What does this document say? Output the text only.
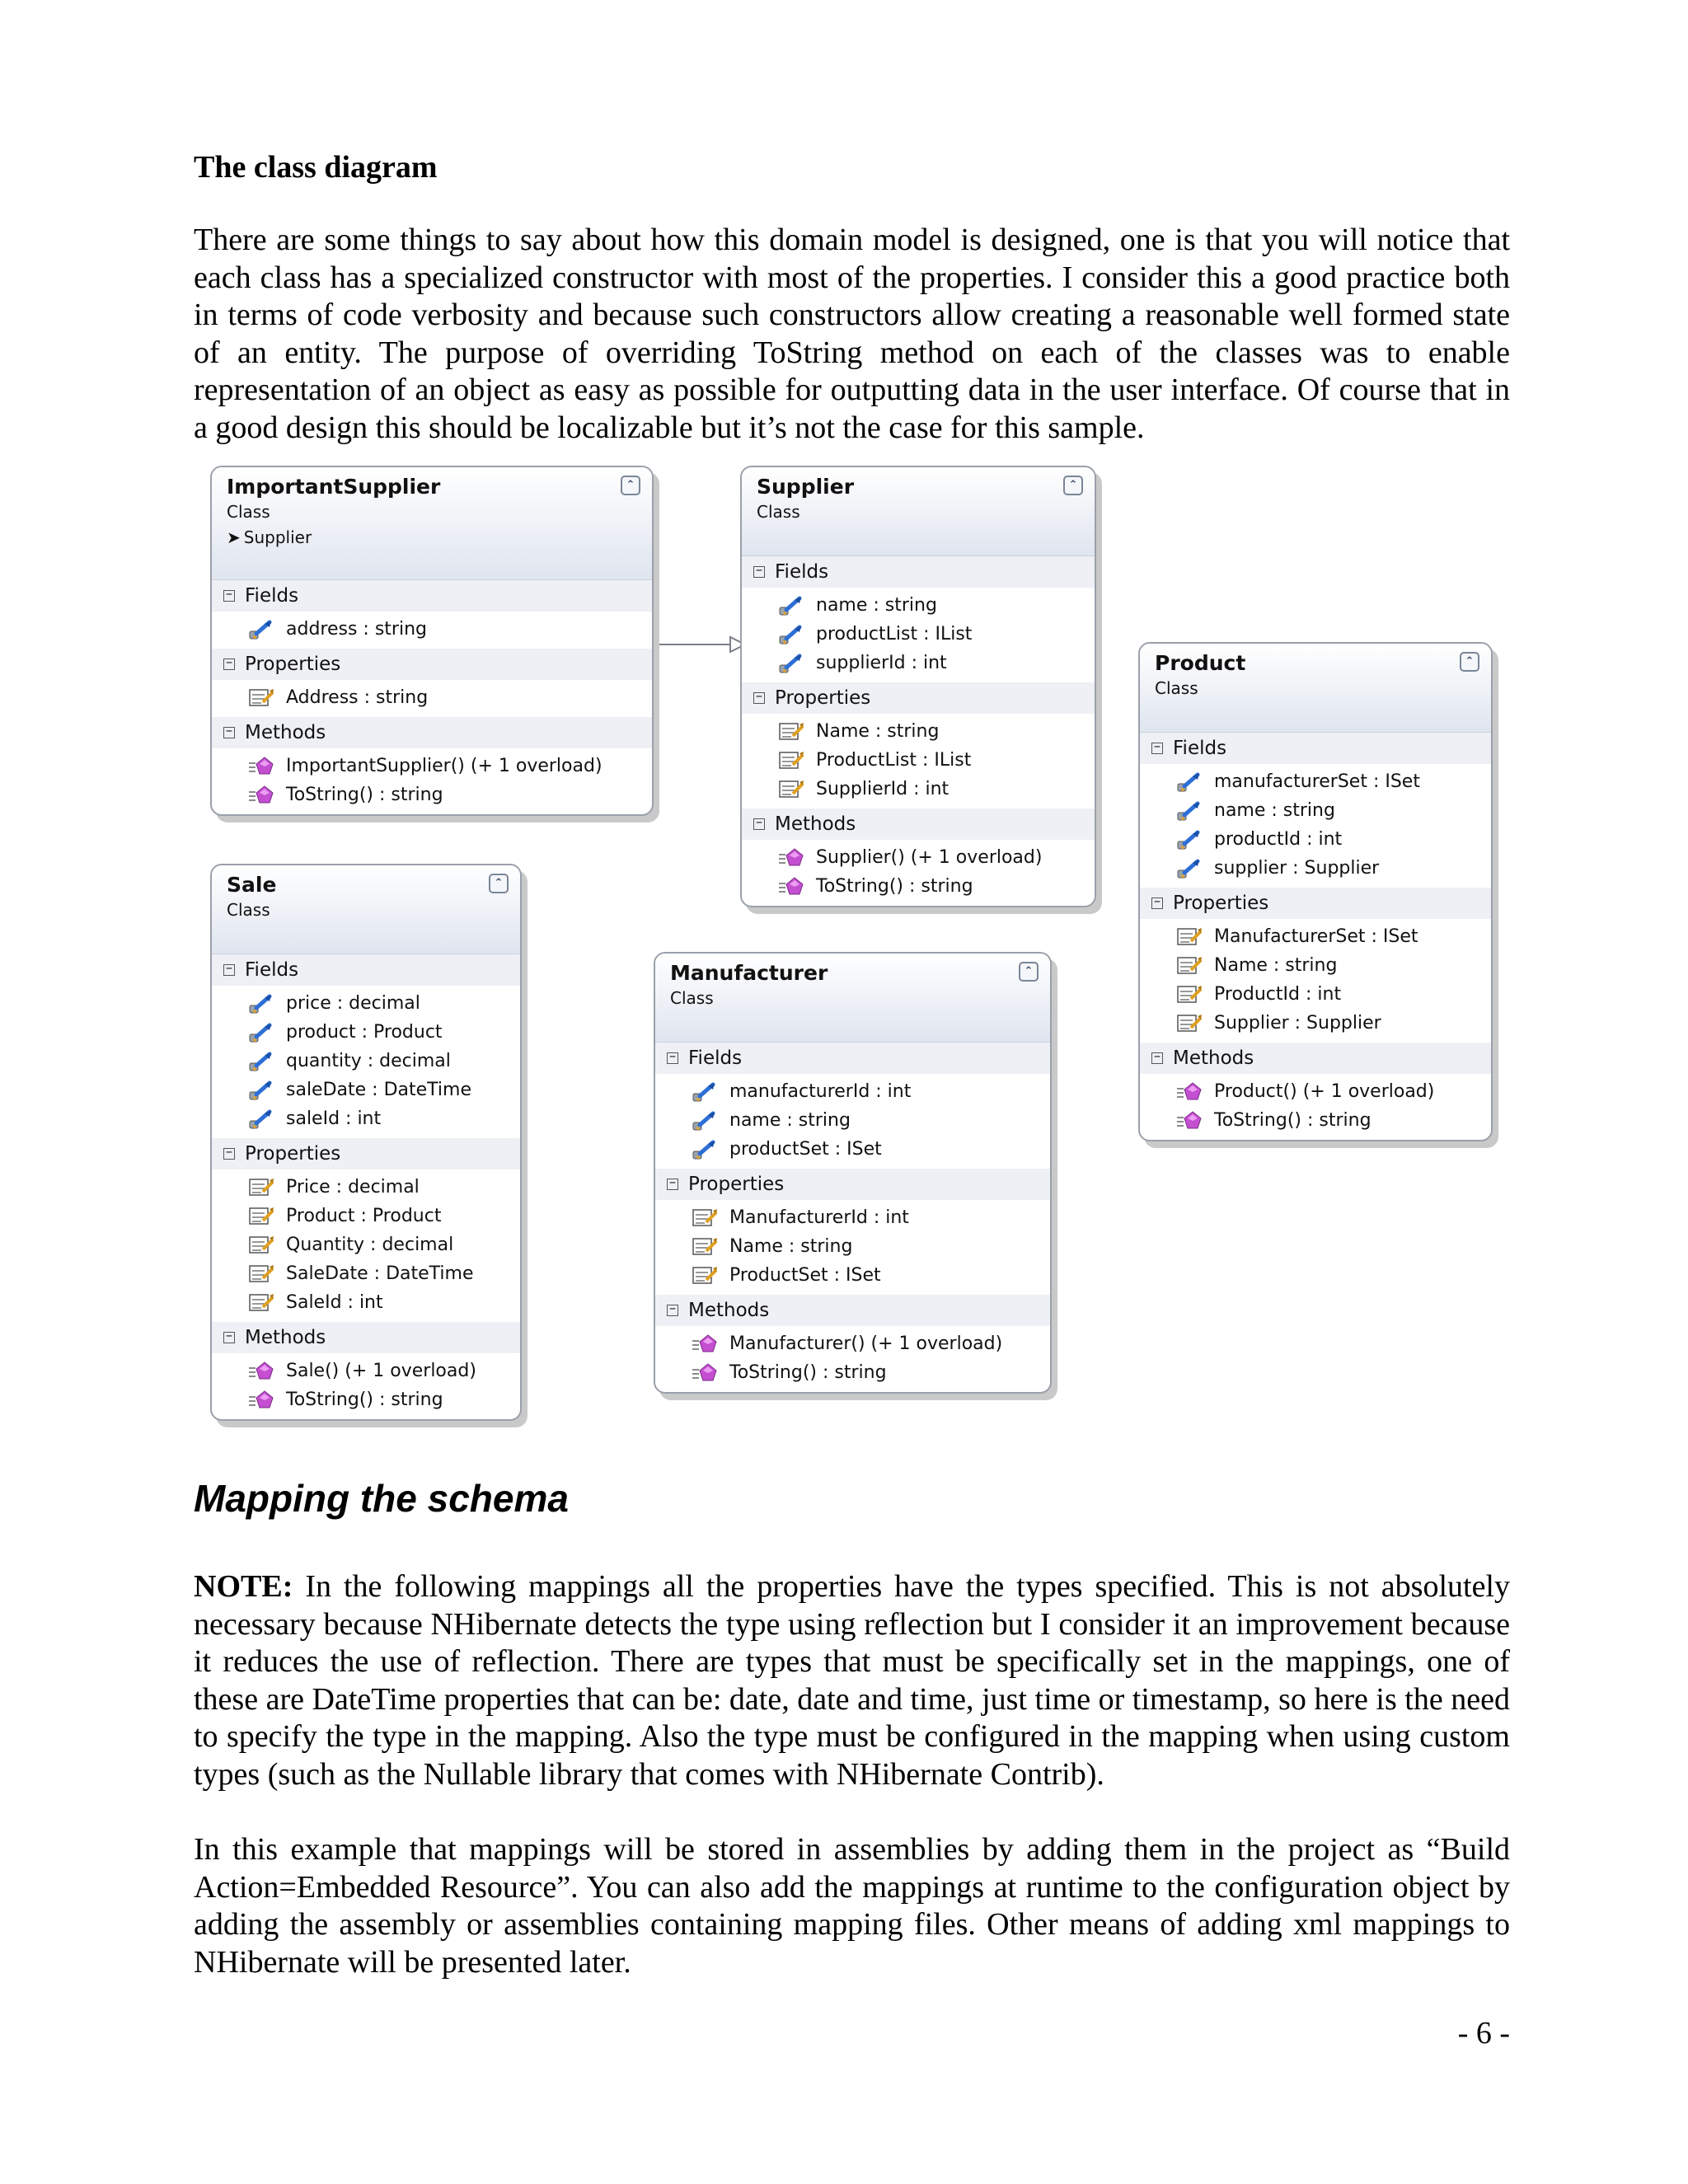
The class diagram

There are some things to say about how this domain model is designed, one is that you will notice that each class has a specialized constructor with most of the properties. I consider this a good practice both in terms of code verbosity and because such constructors allow creating a reasonable well formed state of an entity. The purpose of overriding ToString method on each of the classes was to enable representation of an object as easy as possible for outputting data in the user interface. Of course that in a good design this should be localizable but it’s not the case for this sample.

Mapping the schema

NOTE: In the following mappings all the properties have the types specified. This is not absolutely necessary because NHibernate detects the type using reflection but I consider it an improvement because it reduces the use of reflection. There are types that must be specifically set in the mappings, one of these are DateTime properties that can be: date, date and time, just time or timestamp, so here is the need to specify the type in the mapping. Also the type must be configured in the mapping when using custom types (such as the Nullable library that comes with NHibernate Contrib).

In this example that mappings will be stored in assemblies by adding them in the project as “Build Action=Embedded Resource”. You can also add the mappings at runtime to the configuration object by adding the assembly or assemblies containing mapping files. Other means of adding xml mappings to NHibernate will be presented later.

- 6 -

ImportantSupplier
Class
➤ Supplier
⌃
− Fields
address : string
− Properties
Address : string
− Methods
ImportantSupplier() (+ 1 overload)
ToString() : string
Supplier
Class
⌃
− Fields
name : string
productList : IList
supplierId : int
− Properties
Name : string
ProductList : IList
SupplierId : int
− Methods
Supplier() (+ 1 overload)
ToString() : string
Product
Class
⌃
− Fields
manufacturerSet : ISet
name : string
productId : int
supplier : Supplier
− Properties
ManufacturerSet : ISet
Name : string
ProductId : int
Supplier : Supplier
− Methods
Product() (+ 1 overload)
ToString() : string
Sale
Class
⌃
− Fields
price : decimal
product : Product
quantity : decimal
saleDate : DateTime
saleId : int
− Properties
Price : decimal
Product : Product
Quantity : decimal
SaleDate : DateTime
SaleId : int
− Methods
Sale() (+ 1 overload)
ToString() : string
Manufacturer
Class
⌃
− Fields
manufacturerId : int
name : string
productSet : ISet
− Properties
ManufacturerId : int
Name : string
ProductSet : ISet
− Methods
Manufacturer() (+ 1 overload)
ToString() : string
